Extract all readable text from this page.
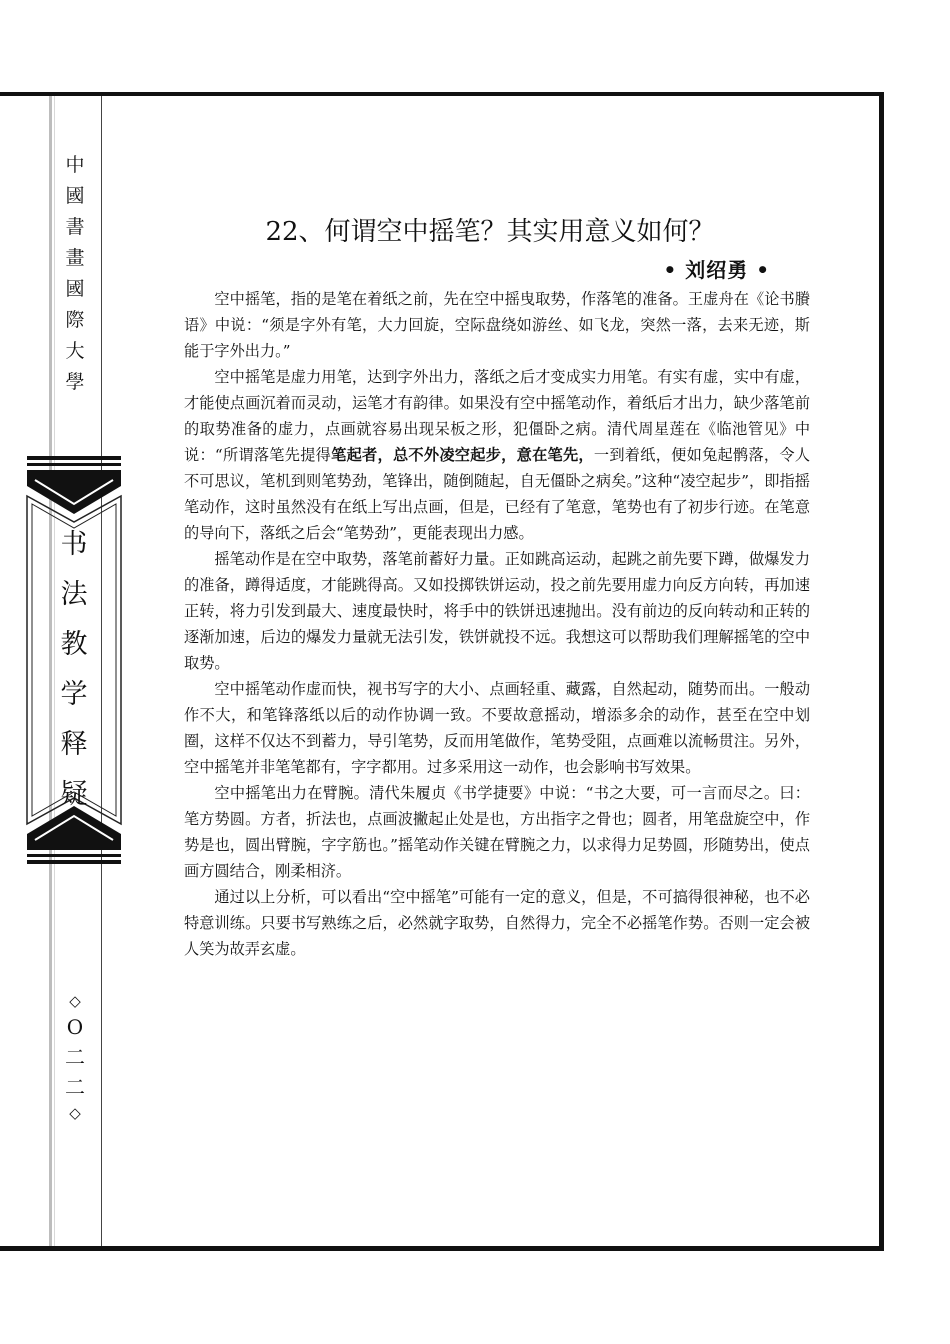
中
國
書
畫
國
際
大
學
书
法
教
学
释
疑
◇
O
二
二
◇
22、何谓空中摇笔？其实用意义如何？
• 刘绍勇 •

空中摇笔，指的是笔在着纸之前，先在空中摇曳取势，作落笔的准备。王虚舟在《论书賸语》中说：“须是字外有笔，大力回旋，空际盘绕如游丝、如飞龙，突然一落，去来无迹，斯能于字外出力。”

空中摇笔是虚力用笔，达到字外出力，落纸之后才变成实力用笔。有实有虚，实中有虚，才能使点画沉着而灵动，运笔才有韵律。如果没有空中摇笔动作，着纸后才出力，缺少落笔前的取势准备的虚力，点画就容易出现呆板之形，犯僵卧之病。清代周星莲在《临池管见》中说：“所谓落笔先提得笔起者，总不外凌空起步，意在笔先，一到着纸，便如兔起鹘落，令人不可思议，笔机到则笔势劲，笔锋出，随倒随起，自无僵卧之病矣。”这种“凌空起步”，即指摇笔动作，这时虽然没有在纸上写出点画，但是，已经有了笔意，笔势也有了初步行迹。在笔意的导向下，落纸之后会“笔势劲”，更能表现出力感。

摇笔动作是在空中取势，落笔前蓄好力量。正如跳高运动，起跳之前先要下蹲，做爆发力的准备，蹲得适度，才能跳得高。又如投掷铁饼运动，投之前先要用虚力向反方向转，再加速正转，将力引发到最大、速度最快时，将手中的铁饼迅速抛出。没有前边的反向转动和正转的逐渐加速，后边的爆发力量就无法引发，铁饼就投不远。我想这可以帮助我们理解摇笔的空中取势。

空中摇笔动作虚而快，视书写字的大小、点画轻重、藏露，自然起动，随势而出。一般动作不大，和笔锋落纸以后的动作协调一致。不要故意摇动，增添多余的动作，甚至在空中划圈，这样不仅达不到蓄力，导引笔势，反而用笔做作，笔势受阻，点画难以流畅贯注。另外，空中摇笔并非笔笔都有，字字都用。过多采用这一动作，也会影响书写效果。

空中摇笔出力在臂腕。清代朱履贞《书学捷要》中说：“书之大要，可一言而尽之。曰：笔方势圆。方者，折法也，点画波撇起止处是也，方出指字之骨也；圆者，用笔盘旋空中，作势是也，圆出臂腕，字字筋也。”摇笔动作关键在臂腕之力，以求得力足势圆，形随势出，使点画方圆结合，刚柔相济。

通过以上分析，可以看出“空中摇笔”可能有一定的意义，但是，不可搞得很神秘，也不必特意训练。只要书写熟练之后，必然就字取势，自然得力，完全不必摇笔作势。否则一定会被人笑为故弄玄虚。
